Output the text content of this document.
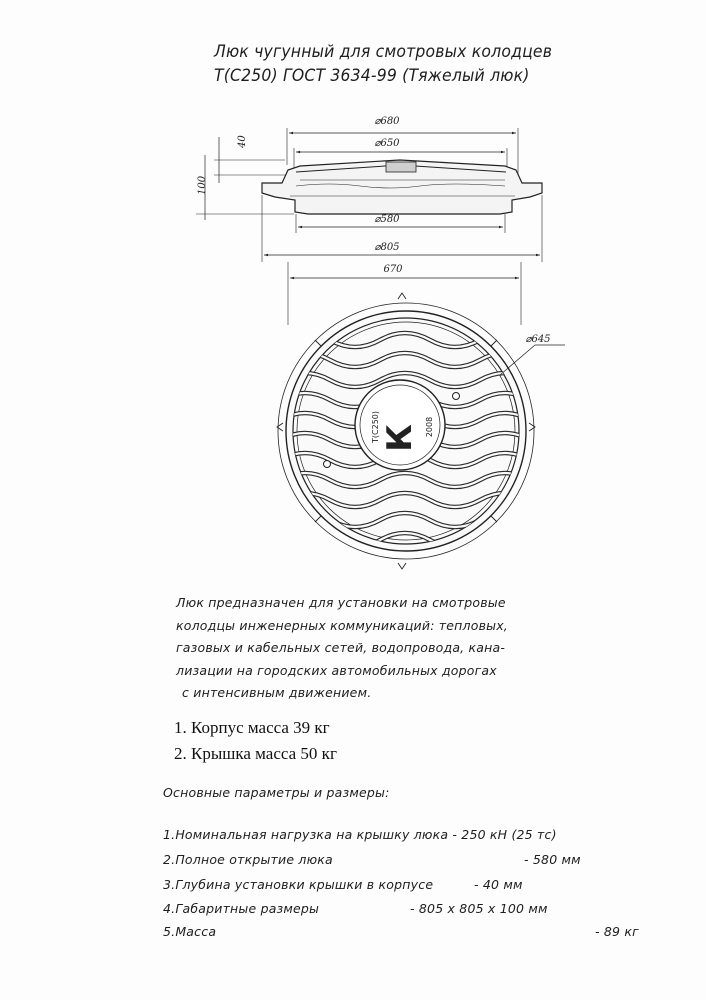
Люк чугунный для смотровых колодцев
Т(С250) ГОСТ 3634-99 (Тяжелый люк)
⌀680
⌀650
⌀580
⌀805
670
40
100
К
Т(С250)	2008
⌀645
Люк предназначен для установки на смотровые
колодцы инженерных коммуникаций: тепловых,
газовых и кабельных сетей, водопровода, кана-
лизации на городских автомобильных дорогах
с интенсивным движением.
1. Корпус масса 39 кг
2. Крышка масса 50 кг
Основные параметры и размеры:
1.Номинальная нагрузка на крышку люка - 250 кН (25 тс)
2.Полное открытие люка	- 580 мм
3.Глубина установки крышки в корпусе	- 40 мм
4.Габаритные размеры	- 805 х 805 х 100 мм
5.Масса	- 89 кг
